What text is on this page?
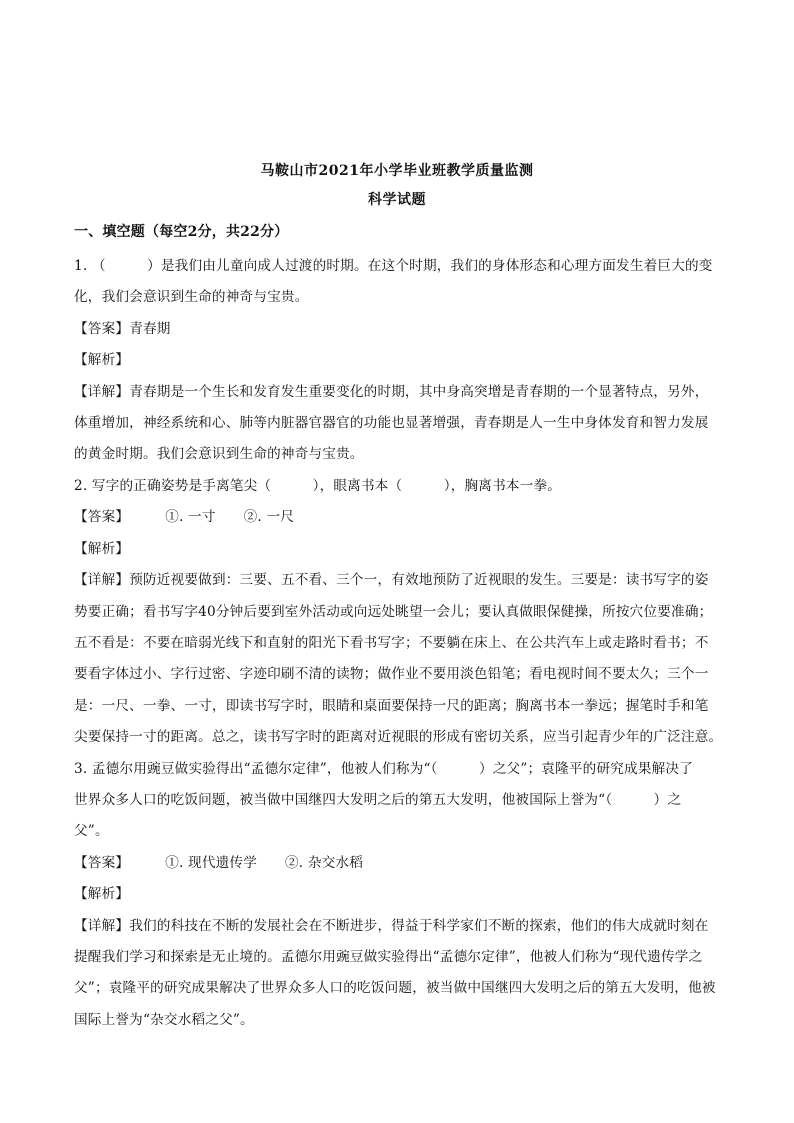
马鞍山市2021年小学毕业班教学质量监测
科学试题
一、填空题（每空2分，共22分）
1. （　　　）是我们由儿童向成人过渡的时期。在这个时期，我们的身体形态和心理方面发生着巨大的变
化，我们会意识到生命的神奇与宝贵。
【答案】青春期
【解析】
【详解】青春期是一个生长和发育发生重要变化的时期，其中身高突增是青春期的一个显著特点，另外，
体重增加，神经系统和心、肺等内脏器官器官的功能也显著增强，青春期是人一生中身体发育和智力发展
的黄金时期。我们会意识到生命的神奇与宝贵。
2. 写字的正确姿势是手离笔尖（　　　），眼离书本（　　　），胸离书本一拳。
【答案】	①. 一寸 ②. 一尺
【解析】
【详解】预防近视要做到：三要、五不看、三个一，有效地预防了近视眼的发生。三要是：读书写字的姿
势要正确；看书写字40分钟后要到室外活动或向远处眺望一会儿；要认真做眼保健操，所按穴位要准确；
五不看是：不要在暗弱光线下和直射的阳光下看书写字；不要躺在床上、在公共汽车上或走路时看书；不
要看字体过小、字行过密、字迹印刷不清的读物；做作业不要用淡色铅笔；看电视时间不要太久；三个一
是：一尺、一拳、一寸，即读书写字时，眼睛和桌面要保持一尺的距离；胸离书本一拳远；握笔时手和笔
尖要保持一寸的距离。总之，读书写字时的距离对近视眼的形成有密切关系，应当引起青少年的广泛注意。
3. 孟德尔用豌豆做实验得出“孟德尔定律”，他被人们称为“（　　　）之父”；袁隆平的研究成果解决了
世界众多人口的吃饭问题，被当做中国继四大发明之后的第五大发明，他被国际上誉为“（　　　）之
父”。
【答案】	①. 现代遗传学 ②. 杂交水稻
【解析】
【详解】我们的科技在不断的发展社会在不断进步，得益于科学家们不断的探索，他们的伟大成就时刻在
提醒我们学习和探索是无止境的。孟德尔用豌豆做实验得出“孟德尔定律”，他被人们称为“现代遗传学之
父”；袁隆平的研究成果解决了世界众多人口的吃饭问题，被当做中国继四大发明之后的第五大发明，他被
国际上誉为“杂交水稻之父”。
